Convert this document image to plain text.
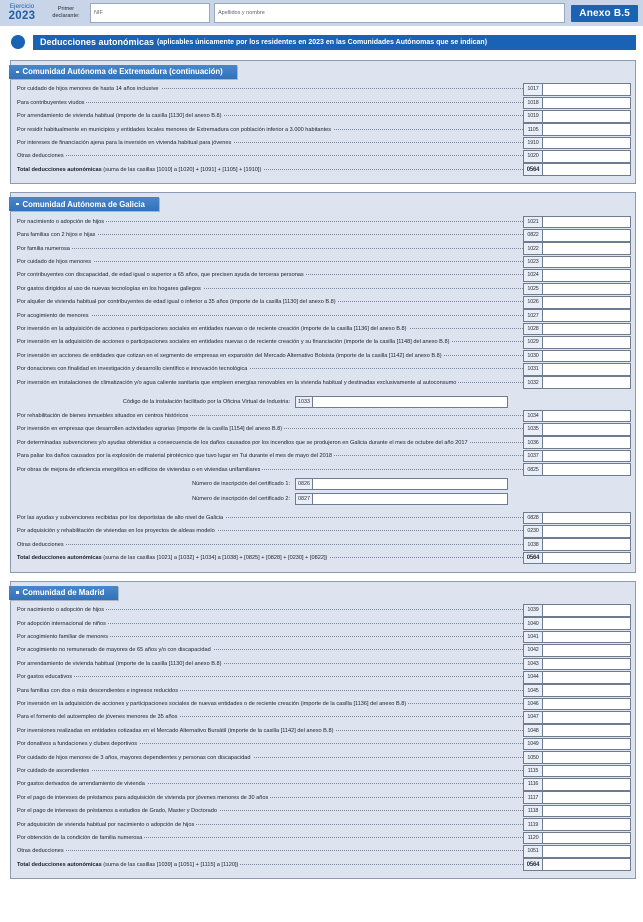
Ejercicio
2023
Primer
declarante:	NIF	Apellidos y nombre	Anexo B.5
Deducciones autonómicas (aplicables únicamente por los residentes en 2023 en las Comunidades Autónomas que se indican)
Comunidad Autónoma de Extremadura (continuación)
Por cuidado de hijos menores de hasta 14 años inclusive	1017
Para contribuyentes viudos	1018
Por arrendamiento de vivienda habitual (importe de la casilla [1130] del anexo B.8)	1019
Por residir habitualmente en municipios y entidades locales menores de Extremadura con población inferior a 3.000 habitantes	1105
Por intereses de financiación ajena para la inversión en vivienda habitual para jóvenes	1910
Otras deducciones	1020
Total deducciones autonómicas (suma de las casillas [1010] a [1020] + [1091] + [1105] + [1910])	0564
Comunidad Autónoma de Galicia
Por nacimiento o adopción de hijos	1021
Para familias con 2 hijos e hijas	0822
Por familia numerosa	1022
Por cuidado de hijos menores	1023
Por contribuyentes con discapacidad, de edad igual o superior a 65 años, que precisen ayuda de terceras personas	1024
Por gastos dirigidos al uso de nuevas tecnologías en los hogares gallegos	1025
Por alquiler de vivienda habitual por contribuyentes de edad igual o inferior a 35 años (importe de la casilla [1130] del anexo B.8)	1026
Por acogimiento de menores	1027
Por inversión en la adquisición de acciones o participaciones sociales en entidades nuevas o de reciente creación (importe de la casilla [1136] del anexo B.8)	1028
Por inversión en la adquisición de acciones o participaciones sociales en entidades nuevas o de reciente creación y su financiación (importe de la casilla [1148] del anexo B.8)	1029
Por inversión en acciones de entidades que cotizan en el segmento de empresas en expansión del Mercado Alternativo Bolsista (importe de la casilla [1142] del anexo B.8)	1030
Por donaciones con finalidad en investigación y desarrollo científico e innovación tecnológica	1031
Por inversión en instalaciones de climatización y/o agua caliente sanitaria que empleen energías renovables en la vivienda habitual y destinadas exclusivamente al autoconsumo	1032
Código de la instalación facilitado por la Oficina Virtual de Industria:	1033
Por rehabilitación de bienes inmuebles situados en centros históricos	1034
Por inversión en empresas que desarrollen actividades agrarias (importe de la casilla [1154] del anexo B.8)	1035
Por determinadas subvenciones y/o ayudas obtenidas a consecuencia de los daños causados por los incendios que se produjeron en Galicia durante el mes de octubre del año 2017	1036
Para paliar los daños causados por la explosión de material pirotécnico que tuvo lugar en Tui durante el mes de mayo del 2018	1037
Por obras de mejora de eficiencia energética en edificios de viviendas o en viviendas unifamiliares	0825
Número de inscripción del certificado 1:	0826
Número de inscripción del certificado 2:	0827
Por las ayudas y subvenciones recibidas por los deportistas de alto nivel de Galicia	0828
Por adquisición y rehabilitación de viviendas en los proyectos de aldeas modelo	0230
Otras deducciones	1038
Total deducciones autonómicas (suma de las casillas [1021] a [1032] + [1034] a [1038] + [0825] + [0828] + [0230] + [0822])	0564
Comunidad de Madrid
Por nacimiento o adopción de hijos	1039
Por adopción internacional de niños	1040
Por acogimiento familiar de menores	1041
Por acogimiento no remunerado de mayores de 65 años y/o con discapacidad	1042
Por arrendamiento de vivienda habitual (importe de la casilla [1130] del anexo B.8)	1043
Por gastos educativos	1044
Para familias con dos o más descendientes e ingresos reducidos	1045
Por inversión en la adquisición de acciones y participaciones sociales de nuevas entidades o de reciente creación (importe de la casilla [1136] del anexo B.8)	1046
Para el fomento del autoempleo de jóvenes menores de 35 años	1047
Por inversiones realizadas en entidades cotizadas en el Mercado Alternativo Bursátil (importe de la casilla [1142] del anexo B.8)	1048
Por donativos a fundaciones y clubes deportivos	1049
Por cuidado de hijos menores de 3 años, mayores dependientes y personas con discapacidad	1050
Por cuidado de ascendientes	1115
Por gastos derivados de arrendamiento de vivienda	1116
Por el pago de intereses de préstamos para adquisición de vivienda por jóvenes menores de 30 años	1117
Por el pago de intereses de préstamos a estudios de Grado, Master y Doctorado	1118
Por adquisición de vivienda habitual por nacimiento o adopción de hijos	1119
Por obtención de la condición de familia numerosa	1120
Otras deducciones	1051
Total deducciones autonómicas (suma de las casillas [1039] a [1051] + [1115] a [1120])	0564
